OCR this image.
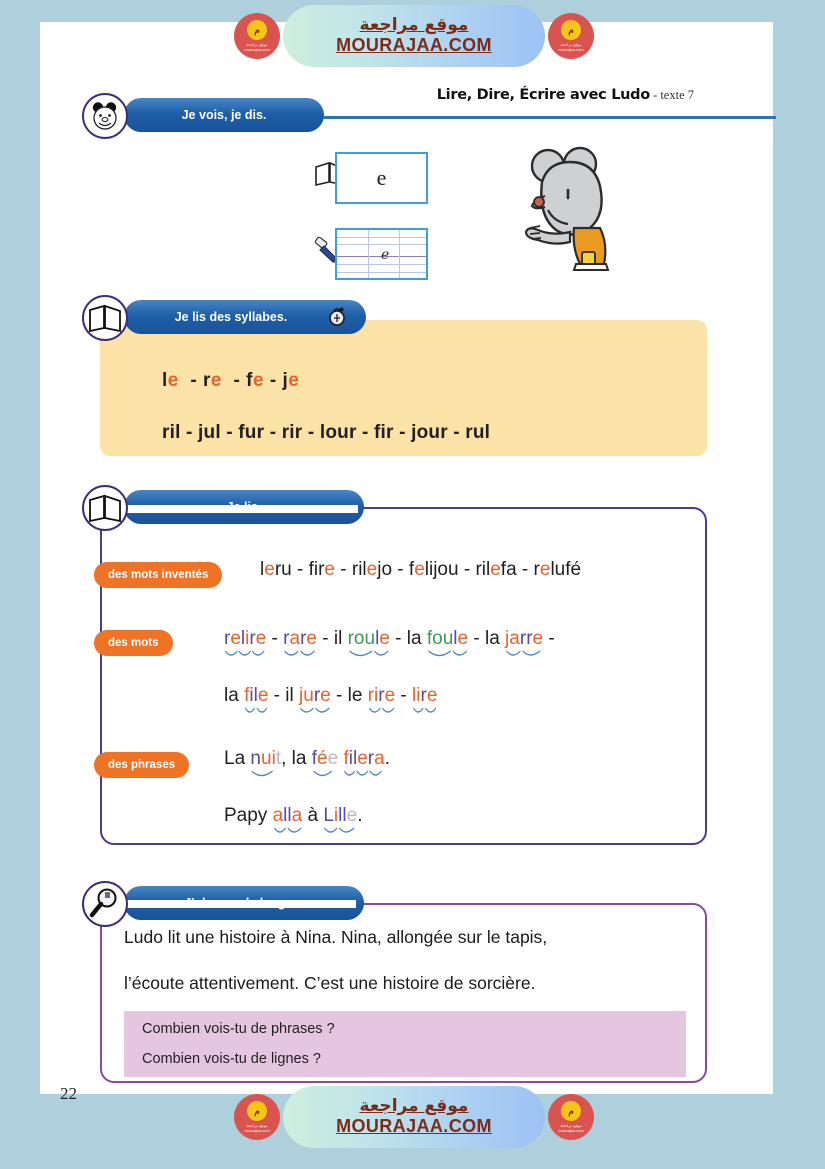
22
Je vois, je dis.
Lire, Dire, Écrire avec Ludo - texte 7
e
e
le  - re  - fe - je
ril - jul - fur - rir - lour - fir - jour - rul
Je lis des syllabes.
des mots inventés	leru - fire - rilejo - felijou - rilefa - relufé
des mots	relire
- rare
- il roule
- la foule
- la jarre
-
la file
- il jure
- le rire
- lire
des phrases	La nuit
, la fée filera
.
Papy alla
à Lille
.
Ludo lit une histoire à Nina. Nina, allongée sur le tapis,
l’écoute attentivement. C’est une histoire de sorcière.
Combien vois-tu de phrases ?
Combien vois-tu de lignes ?
موقع مراجعة
MOURAJAA.COM
م
موقع مراجعة mourajaa.com
م
موقع مراجعة mourajaa.com
موقع مراجعة
MOURAJAA.COM
م
موقع مراجعة mourajaa.com
م
موقع مراجعة mourajaa.com
